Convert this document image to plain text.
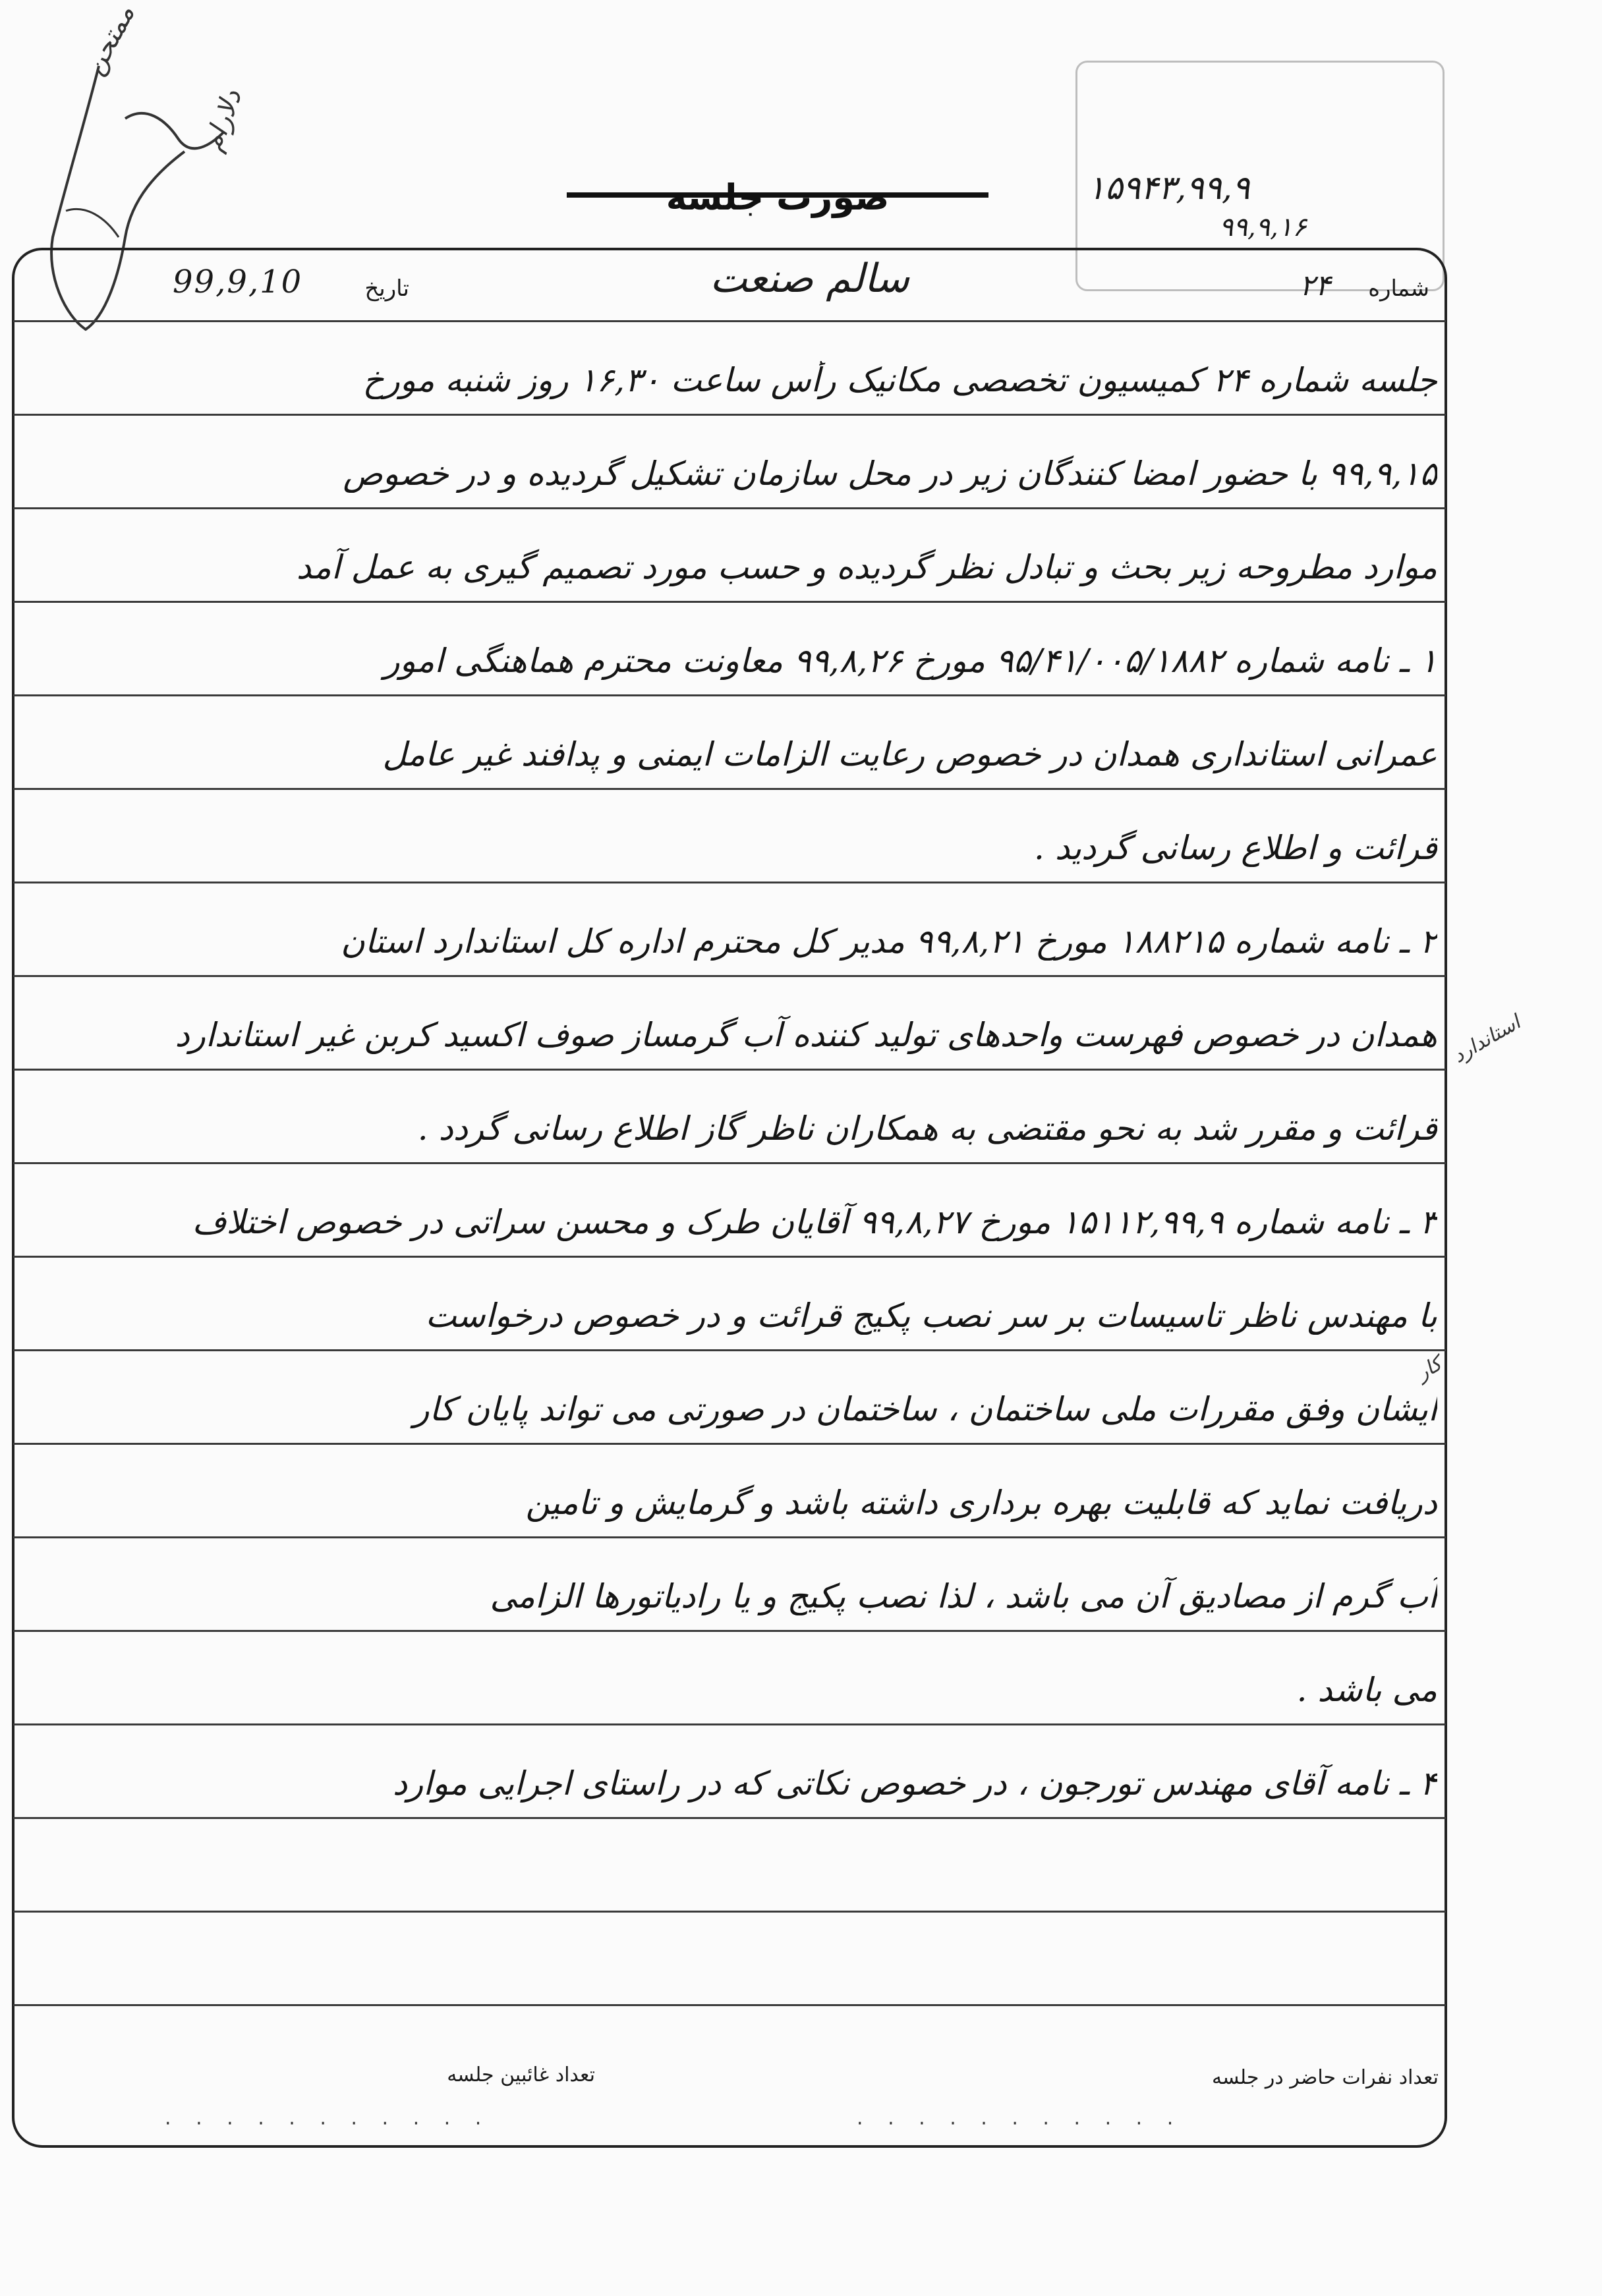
ممتحن
دلارام
١۵٩۴٣,٩٩,٩
٩٩,٩,١۶
شماره
۲۴
سالم صنعت
تاریخ
99,9,10
جلسه شماره ۲۴ کمیسیون تخصصی مکانیک رأس ساعت ۱۶,۳۰ روز شنبه مورخ
۹۹,۹,۱۵ با حضور امضا کنندگان زیر در محل سازمان تشکیل گردیده و در خصوص
موارد مطروحه زیر بحث و تبادل نظر گردیده و حسب مورد تصمیم گیری به عمل آمد
۱ ـ نامه شماره ۹۵/۴۱/۰۰۵/۱۸۸۲ مورخ ۹۹,۸,۲۶ معاونت محترم هماهنگی امور
عمرانی استانداری همدان در خصوص رعایت الزامات ایمنی و پدافند غیر عامل
قرائت و اطلاع رسانی گردید .
۲ ـ نامه شماره ۱۸۸۲۱۵ مورخ ۹۹,۸,۲۱ مدیر کل محترم اداره کل استاندارد استان
همدان در خصوص فهرست واحدهای تولید کننده آب گرمساز صوف اکسید کربن غیر استاندارد
قرائت و مقرر شد به نحو مقتضی به همکاران ناظر گاز اطلاع رسانی گردد .
۳ ـ نامه شماره ۱۵۱۱۲,۹۹,۹ مورخ ۹۹,۸,۲۷ آقایان طرک و محسن سراتی در خصوص اختلاف
با مهندس ناظر تاسیسات بر سر نصب پکیج قرائت و در خصوص درخواست
ایشان وفق مقررات ملی ساختمان ، ساختمان در صورتی می تواند پایان کار
دریافت نماید که قابلیت بهره برداری داشته باشد و گرمایش و تامین
آب گرم از مصادیق آن می باشد ، لذا نصب پکیج و یا رادیاتورها الزامی
می باشد .
۴ ـ نامه آقای مهندس تورجون ، در خصوص نکاتی که در راستای اجرایی موارد
استاندارد
کار
تعداد نفرات حاضر در جلسه
تعداد غائبین جلسه
· · · · · · · · · · ·	· · · · · · · · · · ·
